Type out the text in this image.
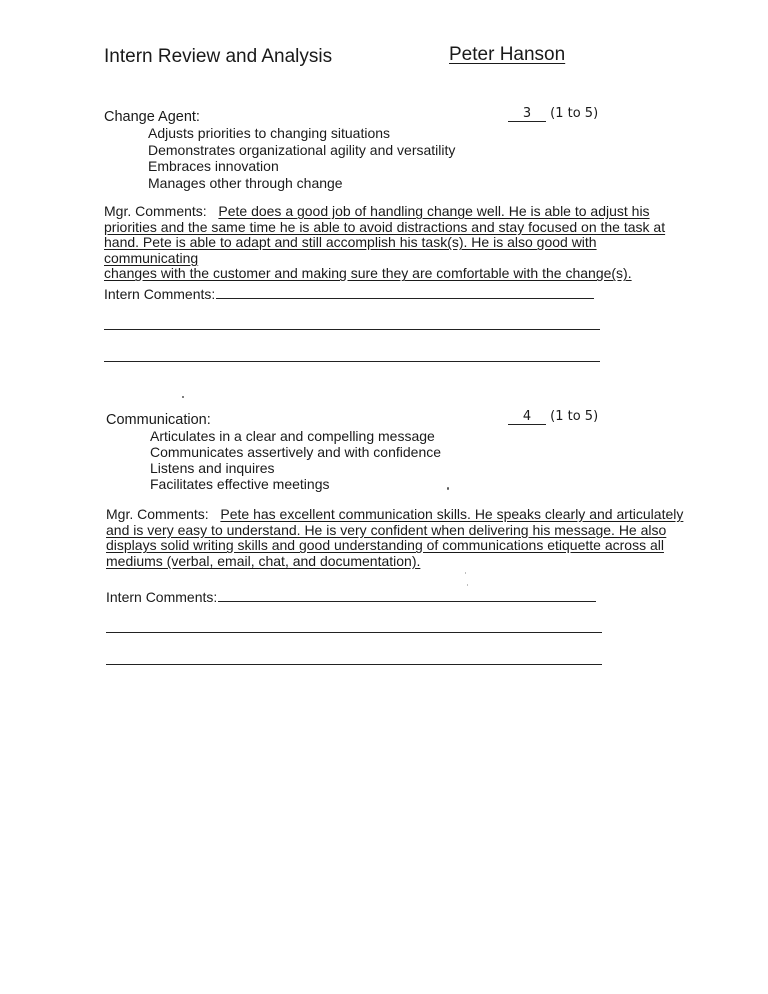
Intern Review and Analysis	Peter Hanson
Change Agent:	3 (1 to 5)
Adjusts priorities to changing situations
Demonstrates organizational agility and versatility
Embraces innovation
Manages other through change
Mgr. Comments: Pete does a good job of handling change well. He is able to adjust his
priorities and the same time he is able to avoid distractions and stay focused on the task at
hand. Pete is able to adapt and still accomplish his task(s). He is also good with communicating
changes with the customer and making sure they are comfortable with the change(s).
Intern Comments:
Communication:	4 (1 to 5)
Articulates in a clear and compelling message
Communicates assertively and with confidence
Listens and inquires
Facilitates effective meetings
Mgr. Comments: Pete has excellent communication skills. He speaks clearly and articulately
and is very easy to understand. He is very confident when delivering his message. He also
displays solid writing skills and good understanding of communications etiquette across all
mediums (verbal, email, chat, and documentation).
Intern Comments:
